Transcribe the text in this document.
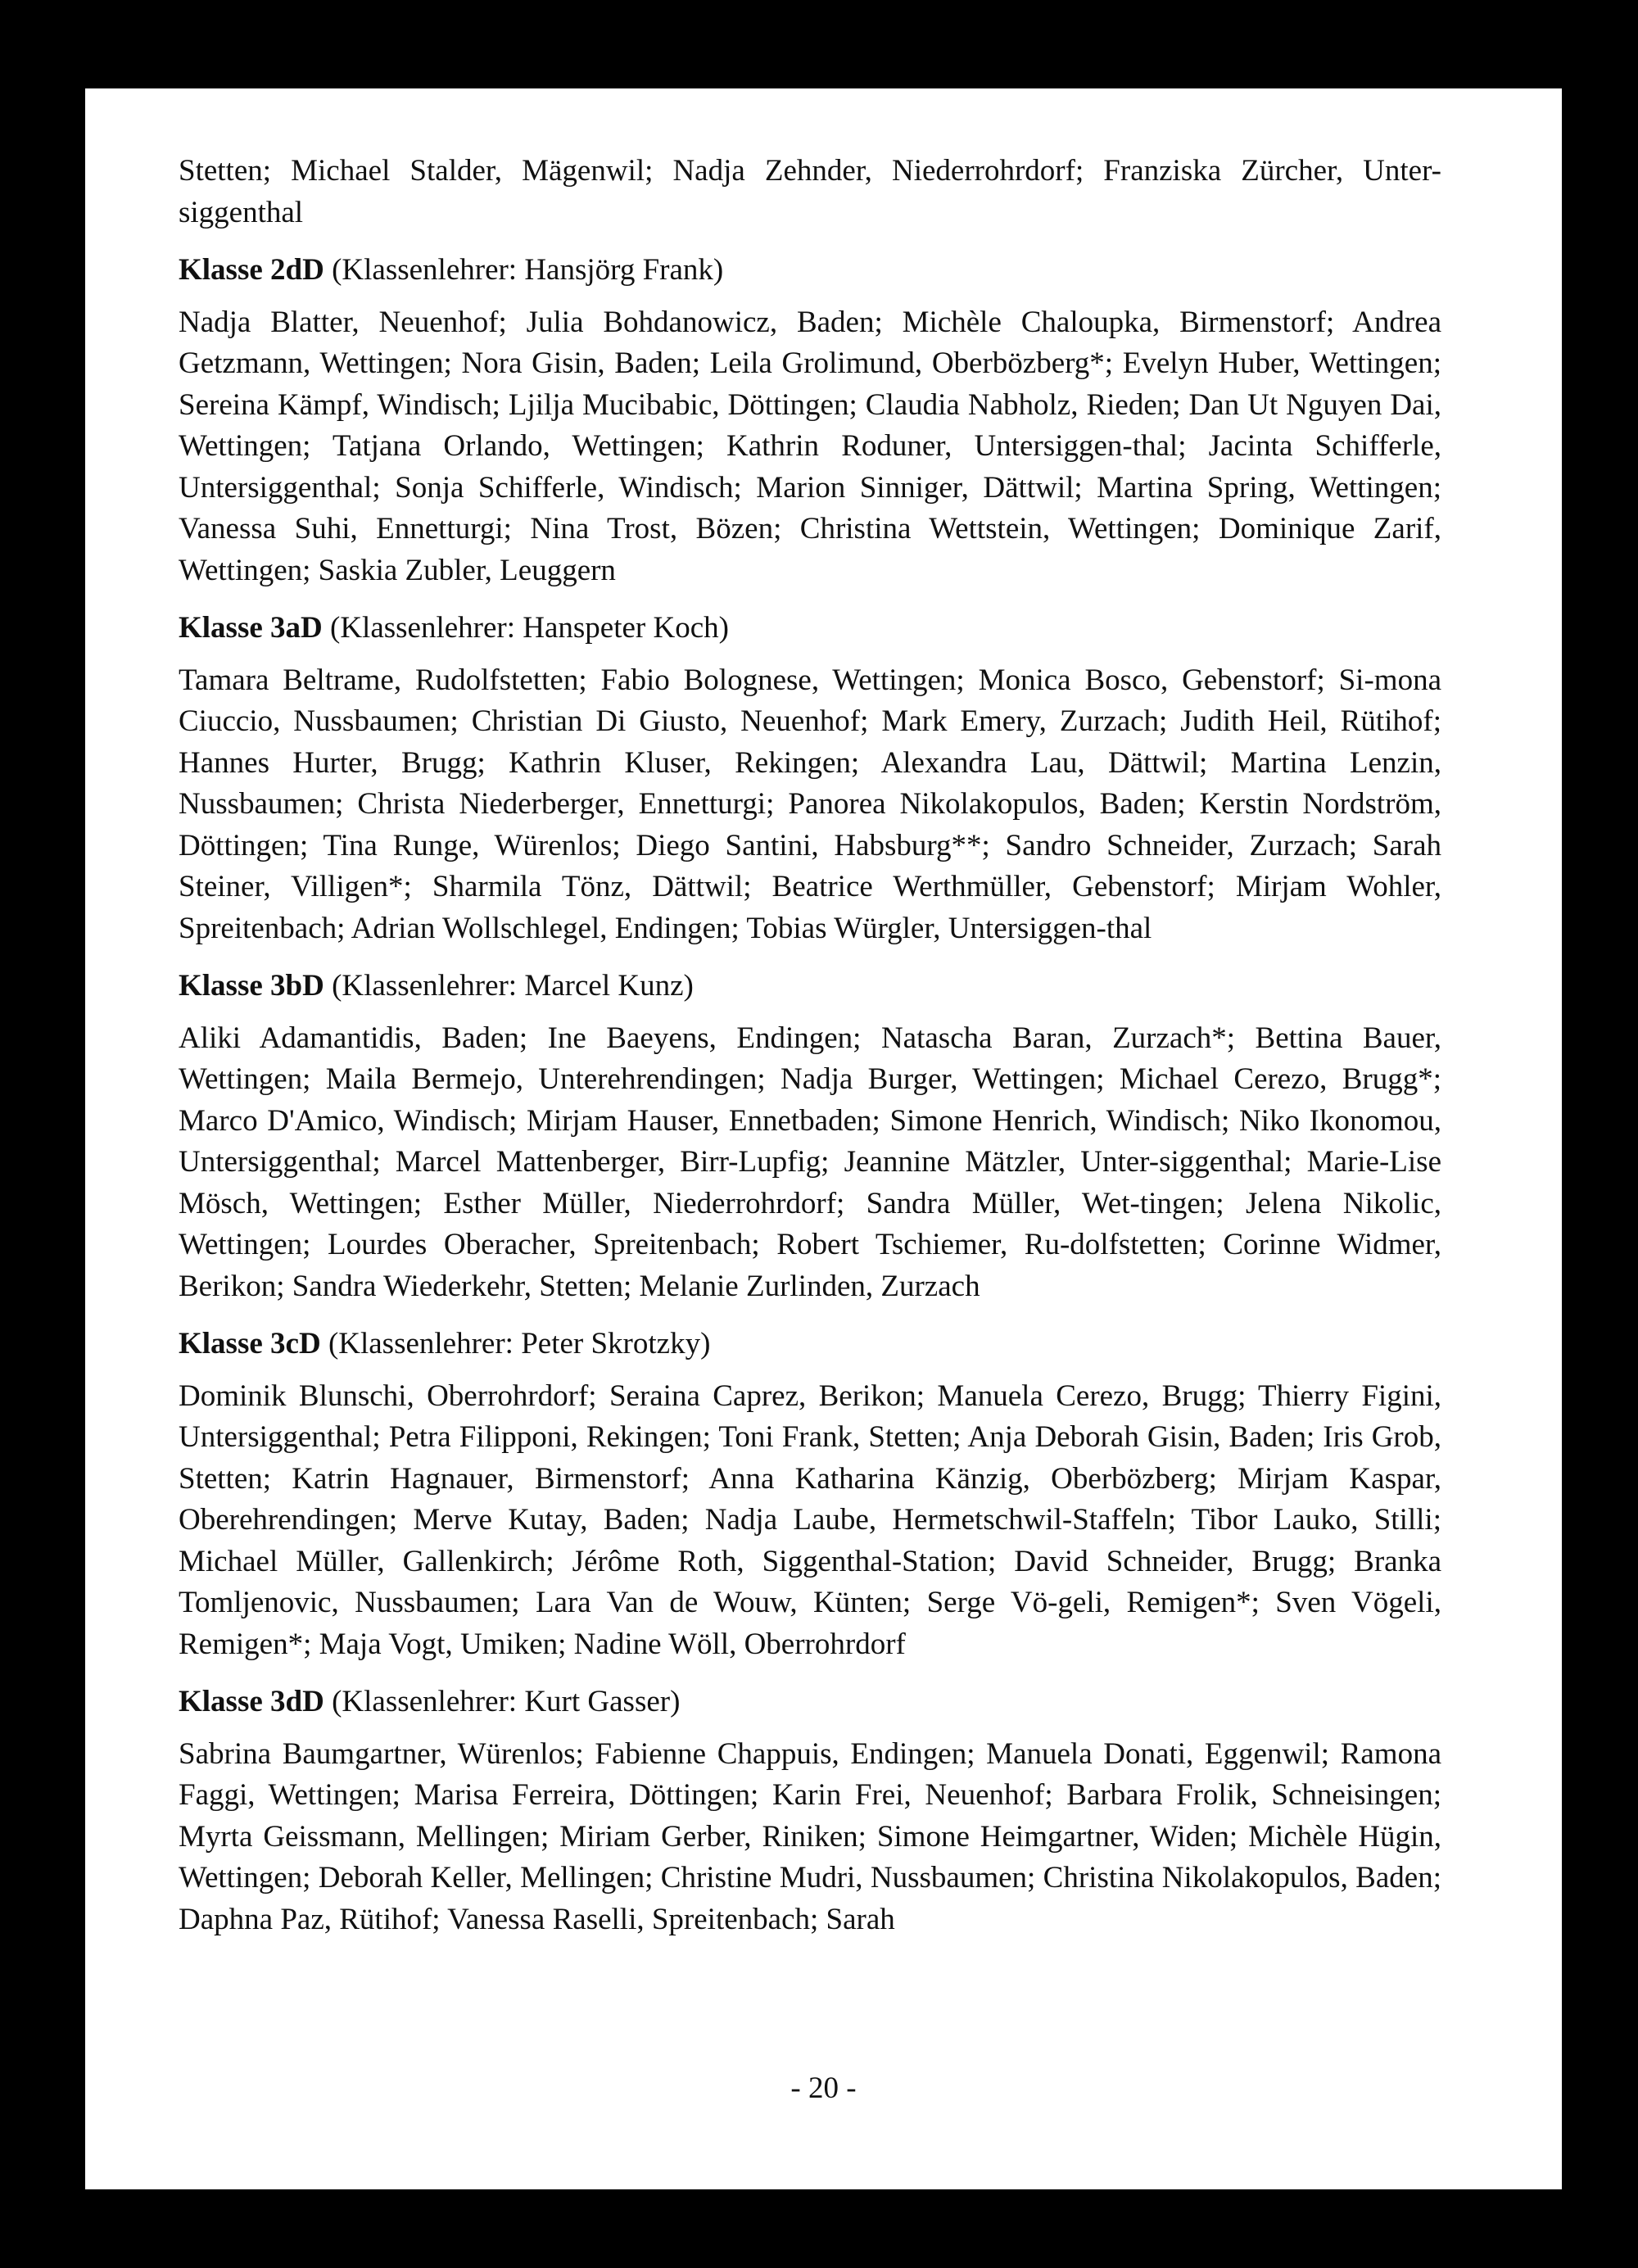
Stetten; Michael Stalder, Mägenwil; Nadja Zehnder, Niederrohrdorf; Franziska Zürcher, Unter-siggenthal

Klasse 2dD (Klassenlehrer: Hansjörg Frank)

Nadja Blatter, Neuenhof; Julia Bohdanowicz, Baden; Michèle Chaloupka, Birmenstorf; Andrea Getzmann, Wettingen; Nora Gisin, Baden; Leila Grolimund, Oberbözberg*; Evelyn Huber, Wettingen; Sereina Kämpf, Windisch; Ljilja Mucibabic, Döttingen; Claudia Nabholz, Rieden; Dan Ut Nguyen Dai, Wettingen; Tatjana Orlando, Wettingen; Kathrin Roduner, Untersiggen-thal; Jacinta Schifferle, Untersiggenthal; Sonja Schifferle, Windisch; Marion Sinniger, Dättwil; Martina Spring, Wettingen; Vanessa Suhi, Ennetturgi; Nina Trost, Bözen; Christina Wettstein, Wettingen; Dominique Zarif, Wettingen; Saskia Zubler, Leuggern

Klasse 3aD (Klassenlehrer: Hanspeter Koch)

Tamara Beltrame, Rudolfstetten; Fabio Bolognese, Wettingen; Monica Bosco, Gebenstorf; Si-mona Ciuccio, Nussbaumen; Christian Di Giusto, Neuenhof; Mark Emery, Zurzach; Judith Heil, Rütihof; Hannes Hurter, Brugg; Kathrin Kluser, Rekingen; Alexandra Lau, Dättwil; Martina Lenzin, Nussbaumen; Christa Niederberger, Ennetturgi; Panorea Nikolakopulos, Baden; Kerstin Nordström, Döttingen; Tina Runge, Würenlos; Diego Santini, Habsburg**; Sandro Schneider, Zurzach; Sarah Steiner, Villigen*; Sharmila Tönz, Dättwil; Beatrice Werthmüller, Gebenstorf; Mirjam Wohler, Spreitenbach; Adrian Wollschlegel, Endingen; Tobias Würgler, Untersiggen-thal

Klasse 3bD (Klassenlehrer: Marcel Kunz)

Aliki Adamantidis, Baden; Ine Baeyens, Endingen; Natascha Baran, Zurzach*; Bettina Bauer, Wettingen; Maila Bermejo, Unterehrendingen; Nadja Burger, Wettingen; Michael Cerezo, Brugg*; Marco D'Amico, Windisch; Mirjam Hauser, Ennetbaden; Simone Henrich, Windisch; Niko Ikonomou, Untersiggenthal; Marcel Mattenberger, Birr-Lupfig; Jeannine Mätzler, Unter-siggenthal; Marie-Lise Mösch, Wettingen; Esther Müller, Niederrohrdorf; Sandra Müller, Wet-tingen; Jelena Nikolic, Wettingen; Lourdes Oberacher, Spreitenbach; Robert Tschiemer, Ru-dolfstetten; Corinne Widmer, Berikon; Sandra Wiederkehr, Stetten; Melanie Zurlinden, Zurzach

Klasse 3cD (Klassenlehrer: Peter Skrotzky)

Dominik Blunschi, Oberrohrdorf; Seraina Caprez, Berikon; Manuela Cerezo, Brugg; Thierry Figini, Untersiggenthal; Petra Filipponi, Rekingen; Toni Frank, Stetten; Anja Deborah Gisin, Baden; Iris Grob, Stetten; Katrin Hagnauer, Birmenstorf; Anna Katharina Känzig, Oberbözberg; Mirjam Kaspar, Oberehrendingen; Merve Kutay, Baden; Nadja Laube, Hermetschwil-Staffeln; Tibor Lauko, Stilli; Michael Müller, Gallenkirch; Jérôme Roth, Siggenthal-Station; David Schneider, Brugg; Branka Tomljenovic, Nussbaumen; Lara Van de Wouw, Künten; Serge Vö-geli, Remigen*; Sven Vögeli, Remigen*; Maja Vogt, Umiken; Nadine Wöll, Oberrohrdorf

Klasse 3dD (Klassenlehrer: Kurt Gasser)

Sabrina Baumgartner, Würenlos; Fabienne Chappuis, Endingen; Manuela Donati, Eggenwil; Ramona Faggi, Wettingen; Marisa Ferreira, Döttingen; Karin Frei, Neuenhof; Barbara Frolik, Schneisingen; Myrta Geissmann, Mellingen; Miriam Gerber, Riniken; Simone Heimgartner, Widen; Michèle Hügin, Wettingen; Deborah Keller, Mellingen; Christine Mudri, Nussbaumen; Christina Nikolakopulos, Baden; Daphna Paz, Rütihof; Vanessa Raselli, Spreitenbach; Sarah

- 20 -
